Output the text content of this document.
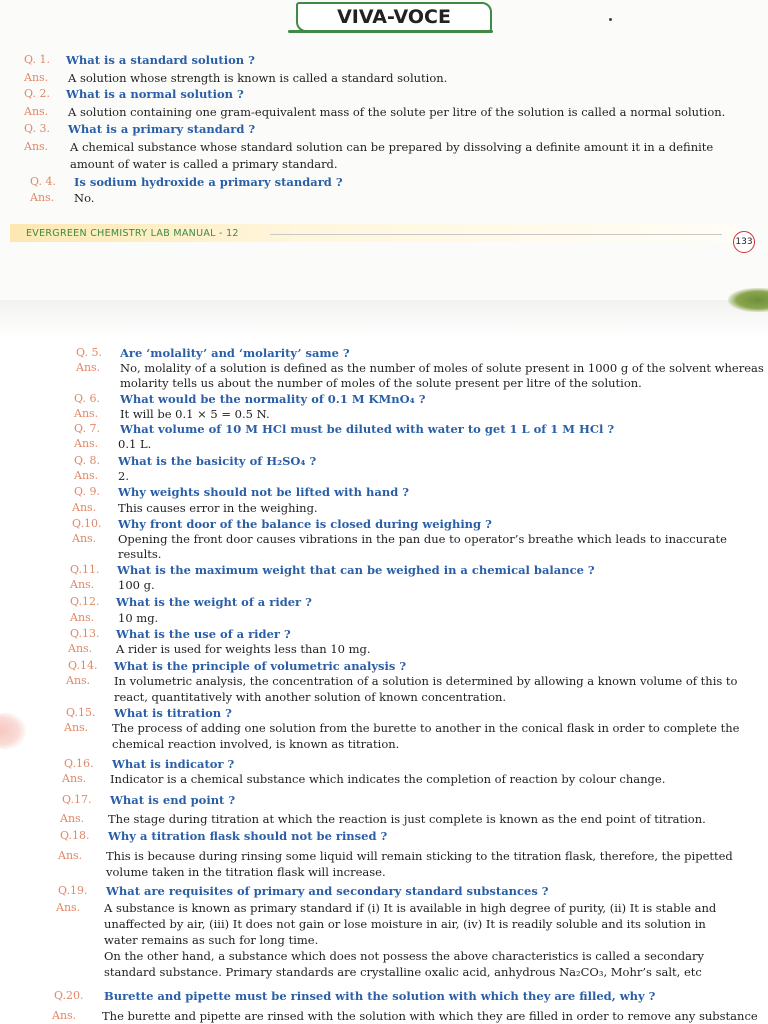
VIVA-VOCE
Q. 1. What is a standard solution ?
Ans. A solution whose strength is known is called a standard solution.
Q. 2. What is a normal solution ?
Ans. A solution containing one gram-equivalent mass of the solute per litre of the solution is called a normal solution.
Q. 3. What is a primary standard ?
Ans. A chemical substance whose standard solution can be prepared by dissolving a definite amount it in a definite
amount of water is called a primary standard.
Q. 4. Is sodium hydroxide a primary standard ?
Ans. No.
EVERGREEN CHEMISTRY LAB MANUAL - 12
133
Q. 5. Are ‘molality’ and ‘molarity’ same ?
Ans. No, molality of a solution is defined as the number of moles of solute present in 1000 g of the solvent whereas
molarity tells us about the number of moles of the solute present per litre of the solution.
Q. 6. What would be the normality of 0.1 M KMnO₄ ?
Ans. It will be 0.1 × 5 = 0.5 N.
Q. 7. What volume of 10 M HCl must be diluted with water to get 1 L of 1 M HCl ?
Ans. 0.1 L.
Q. 8. What is the basicity of H₂SO₄ ?
Ans. 2.
Q. 9. Why weights should not be lifted with hand ?
Ans. This causes error in the weighing.
Q.10. Why front door of the balance is closed during weighing ?
Ans. Opening the front door causes vibrations in the pan due to operator’s breathe which leads to inaccurate
results.
Q.11. What is the maximum weight that can be weighed in a chemical balance ?
Ans. 100 g.
Q.12. What is the weight of a rider ?
Ans. 10 mg.
Q.13. What is the use of a rider ?
Ans. A rider is used for weights less than 10 mg.
Q.14. What is the principle of volumetric analysis ?
Ans. In volumetric analysis, the concentration of a solution is determined by allowing a known volume of this to
react, quantitatively with another solution of known concentration.
Q.15. What is titration ?
Ans. The process of adding one solution from the burette to another in the conical flask in order to complete the
chemical reaction involved, is known as titration.
Q.16. What is indicator ?
Ans. Indicator is a chemical substance which indicates the completion of reaction by colour change.
Q.17. What is end point ?
Ans. The stage during titration at which the reaction is just complete is known as the end point of titration.
Q.18. Why a titration flask should not be rinsed ?
Ans. This is because during rinsing some liquid will remain sticking to the titration flask, therefore, the pipetted
volume taken in the titration flask will increase.
Q.19. What are requisites of primary and secondary standard substances ?
Ans. A substance is known as primary standard if (i) It is available in high degree of purity, (ii) It is stable and
unaffected by air, (iii) It does not gain or lose moisture in air, (iv) It is readily soluble and its solution in
water remains as such for long time.
On the other hand, a substance which does not possess the above characteristics is called a secondary
standard substance. Primary standards are crystalline oxalic acid, anhydrous Na₂CO₃, Mohr’s salt, etc
Q.20. Burette and pipette must be rinsed with the solution with which they are filled, why ?
Ans. The burette and pipette are rinsed with the solution with which they are filled in order to remove any substance
